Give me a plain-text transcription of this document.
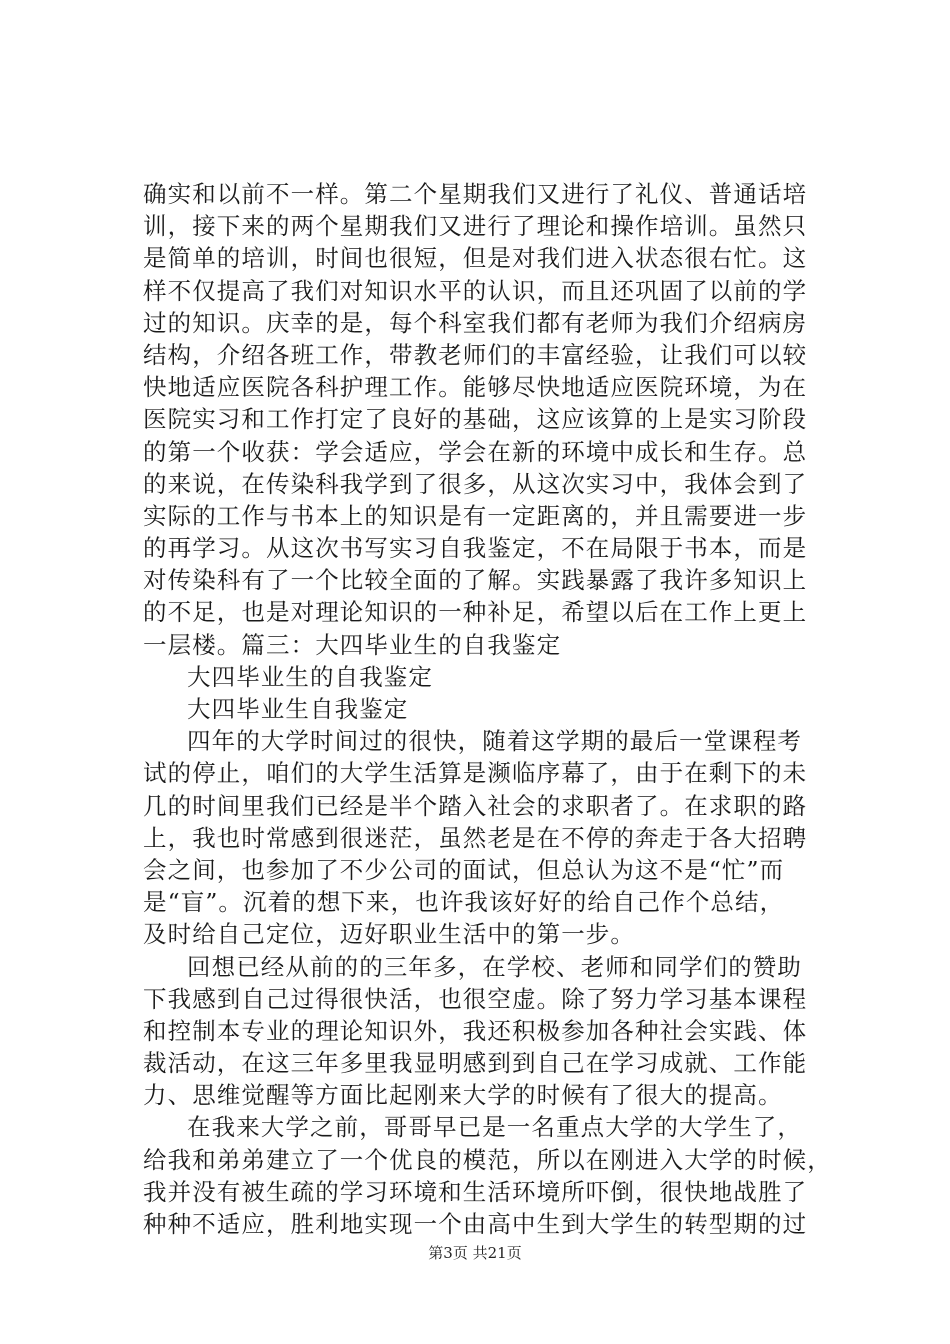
确实和以前不一样。第二个星期我们又进行了礼仪、普通话培
训，接下来的两个星期我们又进行了理论和操作培训。虽然只
是简单的培训，时间也很短，但是对我们进入状态很右忙。这
样不仅提高了我们对知识水平的认识，而且还巩固了以前的学
过的知识。庆幸的是，每个科室我们都有老师为我们介绍病房
结构，介绍各班工作，带教老师们的丰富经验，让我们可以较
快地适应医院各科护理工作。能够尽快地适应医院环境，为在
医院实习和工作打定了良好的基础，这应该算的上是实习阶段
的第一个收获：学会适应，学会在新的环境中成长和生存。总
的来说，在传染科我学到了很多，从这次实习中，我体会到了
实际的工作与书本上的知识是有一定距离的，并且需要进一步
的再学习。从这次书写实习自我鉴定，不在局限于书本，而是
对传染科有了一个比较全面的了解。实践暴露了我许多知识上
的不足，也是对理论知识的一种补足，希望以后在工作上更上
一层楼。篇三：大四毕业生的自我鉴定
大四毕业生的自我鉴定
大四毕业生自我鉴定
四年的大学时间过的很快，随着这学期的最后一堂课程考
试的停止，咱们的大学生活算是濒临序幕了，由于在剩下的未
几的时间里我们已经是半个踏入社会的求职者了。在求职的路
上，我也时常感到很迷茫，虽然老是在不停的奔走于各大招聘
会之间，也参加了不少公司的面试，但总认为这不是“忙”而
是“盲”。沉着的想下来，也许我该好好的给自己作个总结，
及时给自己定位，迈好职业生活中的第一步。
回想已经从前的的三年多，在学校、老师和同学们的赞助
下我感到自己过得很快活，也很空虚。除了努力学习基本课程
和控制本专业的理论知识外，我还积极参加各种社会实践、体
裁活动，在这三年多里我显明感到到自己在学习成就、工作能
力、思维觉醒等方面比起刚来大学的时候有了很大的提高。
在我来大学之前，哥哥早已是一名重点大学的大学生了，
给我和弟弟建立了一个优良的模范，所以在刚进入大学的时候，
我并没有被生疏的学习环境和生活环境所吓倒，很快地战胜了
种种不适应，胜利地实现一个由高中生到大学生的转型期的过
第3页 共21页
